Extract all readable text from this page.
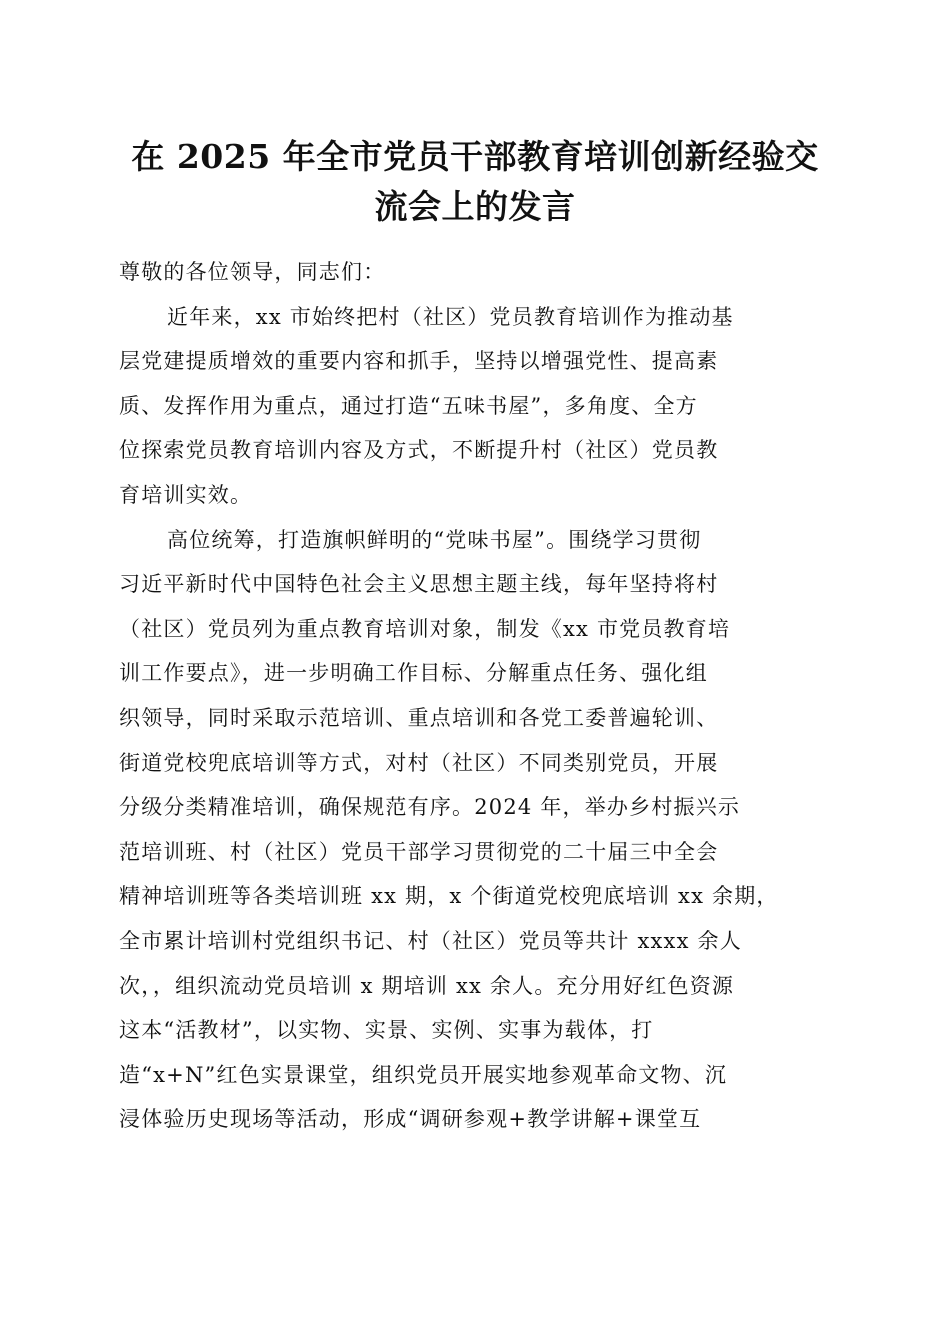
在 2025 年全市党员干部教育培训创新经验交
流会上的发言

尊敬的各位领导，同志们：

近年来，xx 市始终把村（社区）党员教育培训作为推动基
层党建提质增效的重要内容和抓手，坚持以增强党性、提高素
质、发挥作用为重点，通过打造“五味书屋”，多角度、全方
位探索党员教育培训内容及方式，不断提升村（社区）党员教
育培训实效。

高位统筹，打造旗帜鲜明的“党味书屋”。围绕学习贯彻
习近平新时代中国特色社会主义思想主题主线，每年坚持将村
（社区）党员列为重点教育培训对象，制发《xx 市党员教育培
训工作要点》，进一步明确工作目标、分解重点任务、强化组
织领导，同时采取示范培训、重点培训和各党工委普遍轮训、
街道党校兜底培训等方式，对村（社区）不同类别党员，开展
分级分类精准培训，确保规范有序。2024 年，举办乡村振兴示
范培训班、村（社区）党员干部学习贯彻党的二十届三中全会
精神培训班等各类培训班 xx 期，x 个街道党校兜底培训 xx 余期，
全市累计培训村党组织书记、村（社区）党员等共计 xxxx 余人
次，，组织流动党员培训 x 期培训 xx 余人。充分用好红色资源
这本“活教材”，以实物、实景、实例、实事为载体，打
造“x+N”红色实景课堂，组织党员开展实地参观革命文物、沉
浸体验历史现场等活动，形成“调研参观+教学讲解+课堂互
